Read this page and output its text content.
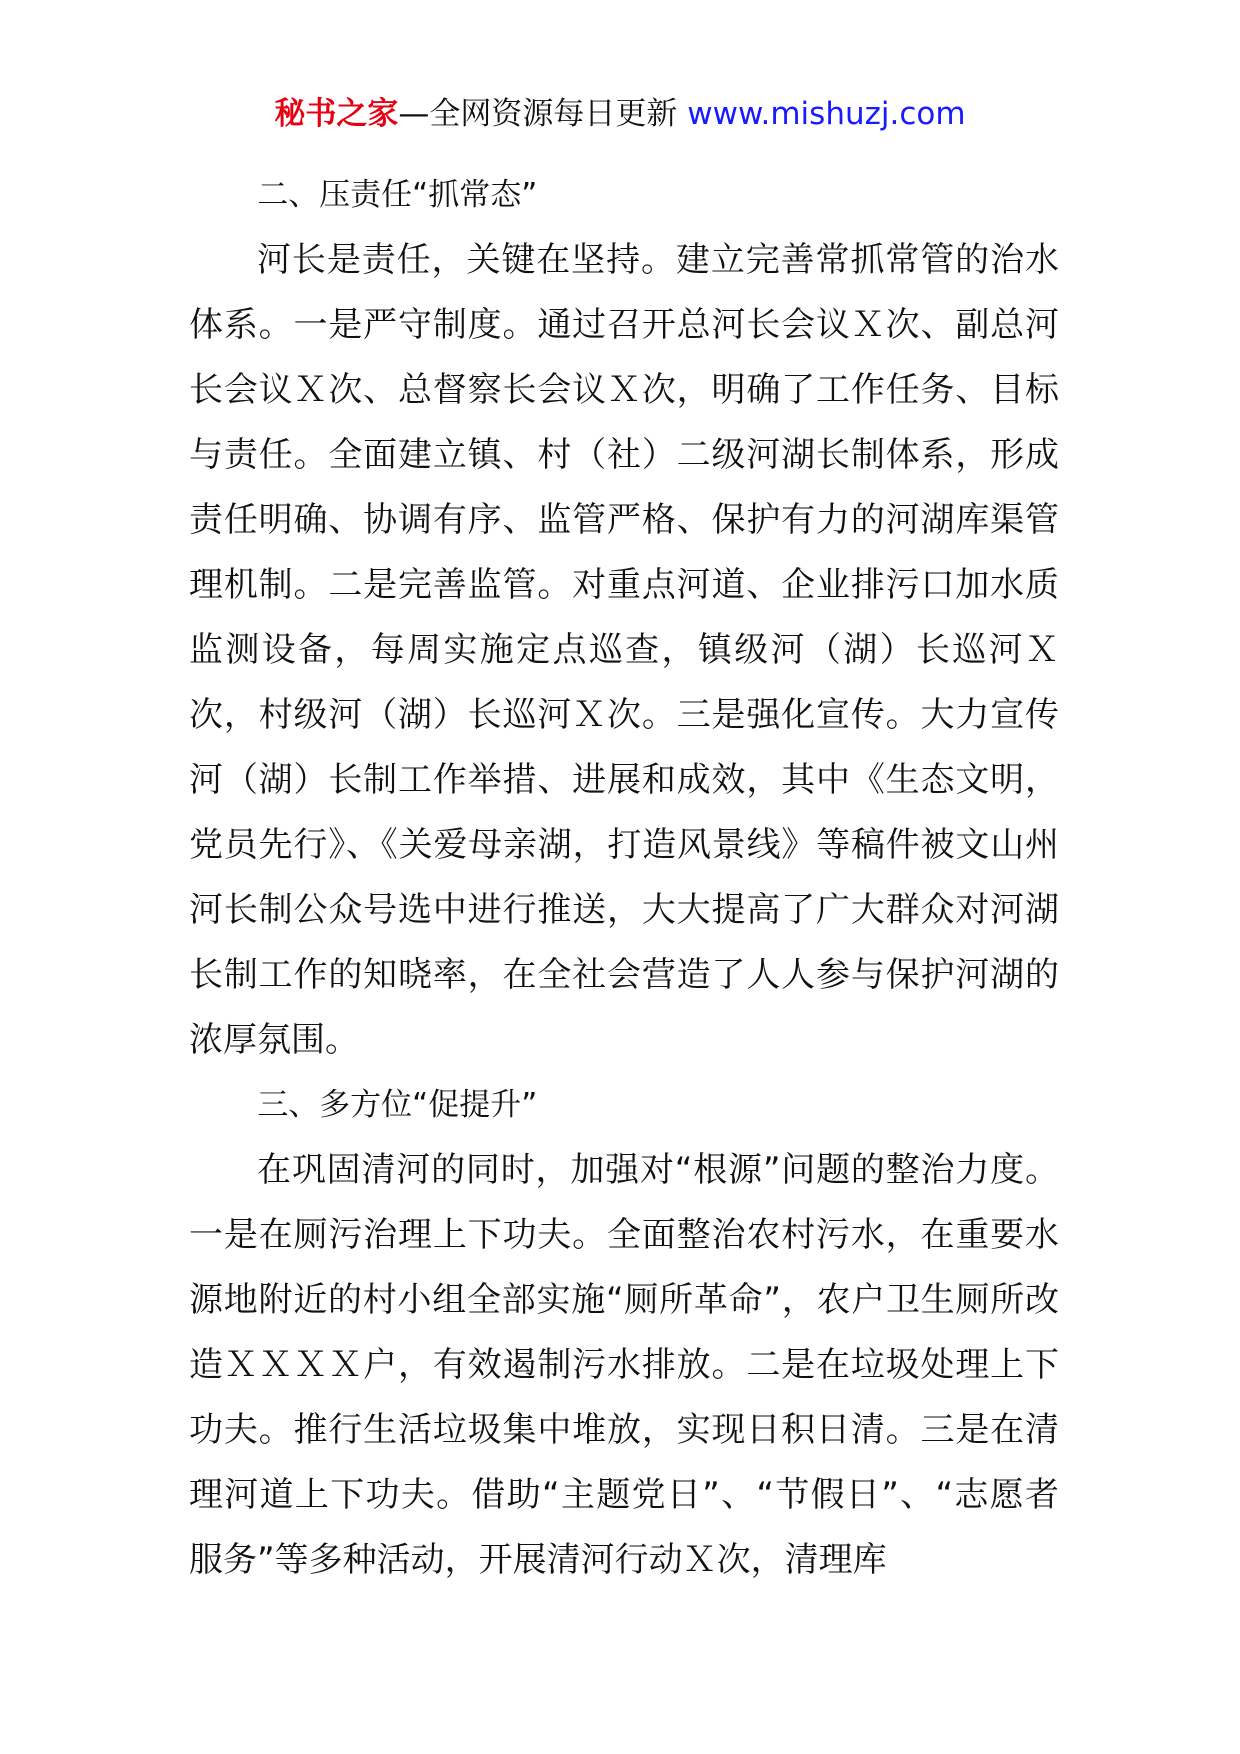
秘书之家—全网资源每日更新 www.mishuzj.com

二、压责任“抓常态”

河长是责任，关键在坚持。建立完善常抓常管的治水体系。一是严守制度。通过召开总河长会议Ｘ次、副总河长会议Ｘ次、总督察长会议Ｘ次，明确了工作任务、目标与责任。全面建立镇、村（社）二级河湖长制体系，形成责任明确、协调有序、监管严格、保护有力的河湖库渠管理机制。二是完善监管。对重点河道、企业排污口加水质监测设备，每周实施定点巡查，镇级河（湖）长巡河Ｘ次，村级河（湖）长巡河Ｘ次。三是强化宣传。大力宣传河（湖）长制工作举措、进展和成效，其中《生态文明，党员先行》、《关爱母亲湖，打造风景线》等稿件被文山州河长制公众号选中进行推送，大大提高了广大群众对河湖长制工作的知晓率，在全社会营造了人人参与保护河湖的浓厚氛围。

三、多方位“促提升”

在巩固清河的同时，加强对“根源”问题的整治力度。一是在厕污治理上下功夫。全面整治农村污水，在重要水源地附近的村小组全部实施“厕所革命”，农户卫生厕所改造ＸＸＸＸ户，有效遏制污水排放。二是在垃圾处理上下功夫。推行生活垃圾集中堆放，实现日积日清。三是在清理河道上下功夫。借助“主题党日”、“节假日”、“志愿者服务”等多种活动，开展清河行动Ｘ次，清理库
